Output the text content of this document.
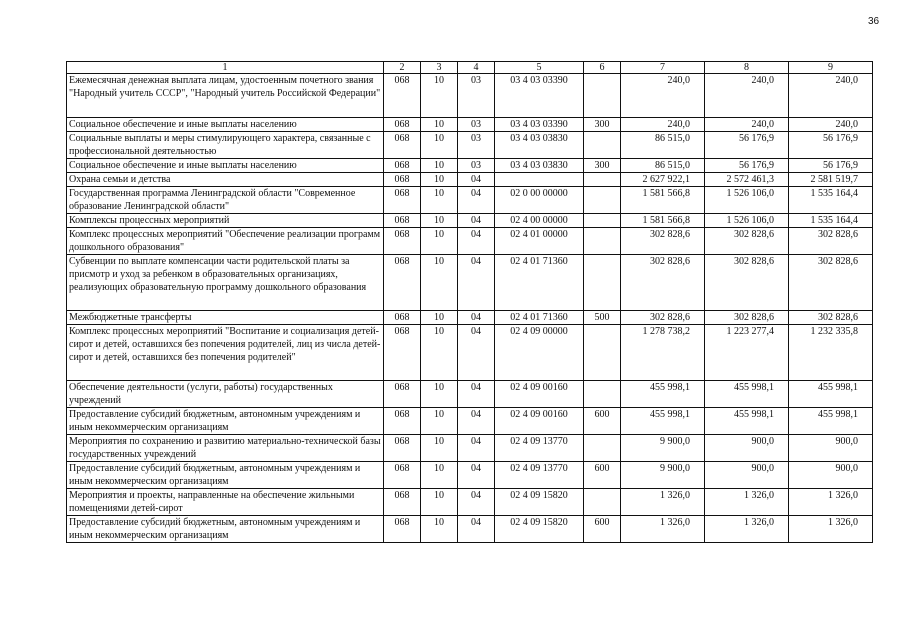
36
1	2	3	4	5	6	7	8	9
Ежемесячная денежная выплата лицам, удостоенным почетного звания "Народный учитель СССР", "Народный учитель Российской Федерации"	068	10	03	03 4 03 03390		240,0	240,0	240,0
Социальное обеспечение и иные выплаты населению	068	10	03	03 4 03 03390	300	240,0	240,0	240,0
Социальные выплаты и меры стимулирующего характера, связанные с профессиональной деятельностью	068	10	03	03 4 03 03830		86 515,0	56 176,9	56 176,9
Социальное обеспечение и иные выплаты населению	068	10	03	03 4 03 03830	300	86 515,0	56 176,9	56 176,9
Охрана семьи и детства	068	10	04			2 627 922,1	2 572 461,3	2 581 519,7
Государственная программа Ленинградской области "Современное образование Ленинградской области"	068	10	04	02 0 00 00000		1 581 566,8	1 526 106,0	1 535 164,4
Комплексы процессных мероприятий	068	10	04	02 4 00 00000		1 581 566,8	1 526 106,0	1 535 164,4
Комплекс процессных мероприятий "Обеспечение реализации программ дошкольного образования"	068	10	04	02 4 01 00000		302 828,6	302 828,6	302 828,6
Субвенции по выплате компенсации части родительской платы за присмотр и уход за ребенком в образовательных организациях, реализующих образовательную программу дошкольного образования	068	10	04	02 4 01 71360		302 828,6	302 828,6	302 828,6
Межбюджетные трансферты	068	10	04	02 4 01 71360	500	302 828,6	302 828,6	302 828,6
Комплекс процессных мероприятий "Воспитание и социализация детей-сирот и детей, оставшихся без попечения родителей, лиц из числа детей-сирот и детей, оставшихся без попечения родителей"	068	10	04	02 4 09 00000		1 278 738,2	1 223 277,4	1 232 335,8
Обеспечение деятельности (услуги, работы) государственных учреждений	068	10	04	02 4 09 00160		455 998,1	455 998,1	455 998,1
Предоставление субсидий бюджетным, автономным учреждениям и иным некоммерческим организациям	068	10	04	02 4 09 00160	600	455 998,1	455 998,1	455 998,1
Мероприятия по сохранению и развитию материально-технической базы государственных учреждений	068	10	04	02 4 09 13770		9 900,0	900,0	900,0
Предоставление субсидий бюджетным, автономным учреждениям и иным некоммерческим организациям	068	10	04	02 4 09 13770	600	9 900,0	900,0	900,0
Мероприятия и проекты, направленные на обеспечение жильными помещениями детей-сирот	068	10	04	02 4 09 15820		1 326,0	1 326,0	1 326,0
Предоставление субсидий бюджетным, автономным учреждениям и иным некоммерческим организациям	068	10	04	02 4 09 15820	600	1 326,0	1 326,0	1 326,0
